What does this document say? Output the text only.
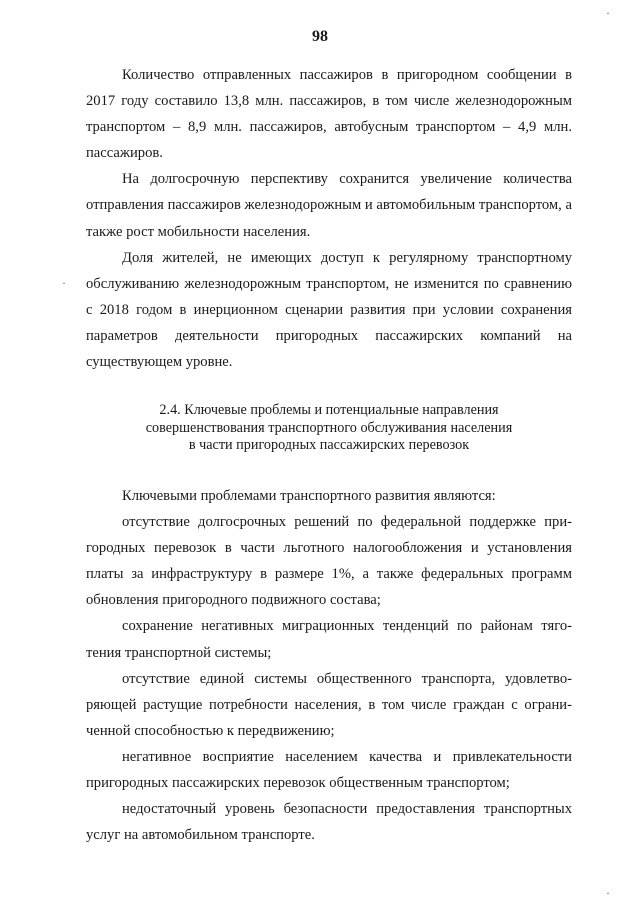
·
98

Количество отправленных пассажиров в пригородном сообщении в 2017 году составило 13,8 млн. пассажиров, в том числе железнодорожным транспортом – 8,9 млн. пассажиров, автобусным транспортом – 4,9 млн. пассажиров.

На долгосрочную перспективу сохранится увеличение количества отправления пассажиров железнодорожным и автомобильным транспортом, а также рост мобильности населения.

Доля жителей, не имеющих доступ к регулярному транспортному обслуживанию железнодорожным транспортом, не изменится по сравнению с 2018 годом в инерционном сценарии развития при условии сохранения параметров деятельности пригородных пассажирских компаний на существующем уровне.

·
2.4. Ключевые проблемы и потенциальные направления
совершенствования транспортного обслуживания населения
в части пригородных пассажирских перевозок

Ключевыми проблемами транспортного развития являются:

отсутствие долгосрочных решений по федеральной поддержке пригородных перевозок в части льготного налогообложения и установления платы за инфраструктуру в размере 1%, а также федеральных программ обновления пригородного подвижного состава;

сохранение негативных миграционных тенденций по районам тяготения транспортной системы;

отсутствие единой системы общественного транспорта, удовлетворяющей растущие потребности населения, в том числе граждан с ограниченной способностью к передвижению;

негативное восприятие населением качества и привлекательности пригородных пассажирских перевозок общественным транспортом;

недостаточный уровень безопасности предоставления транспортных услуг на автомобильном транспорте.

·
